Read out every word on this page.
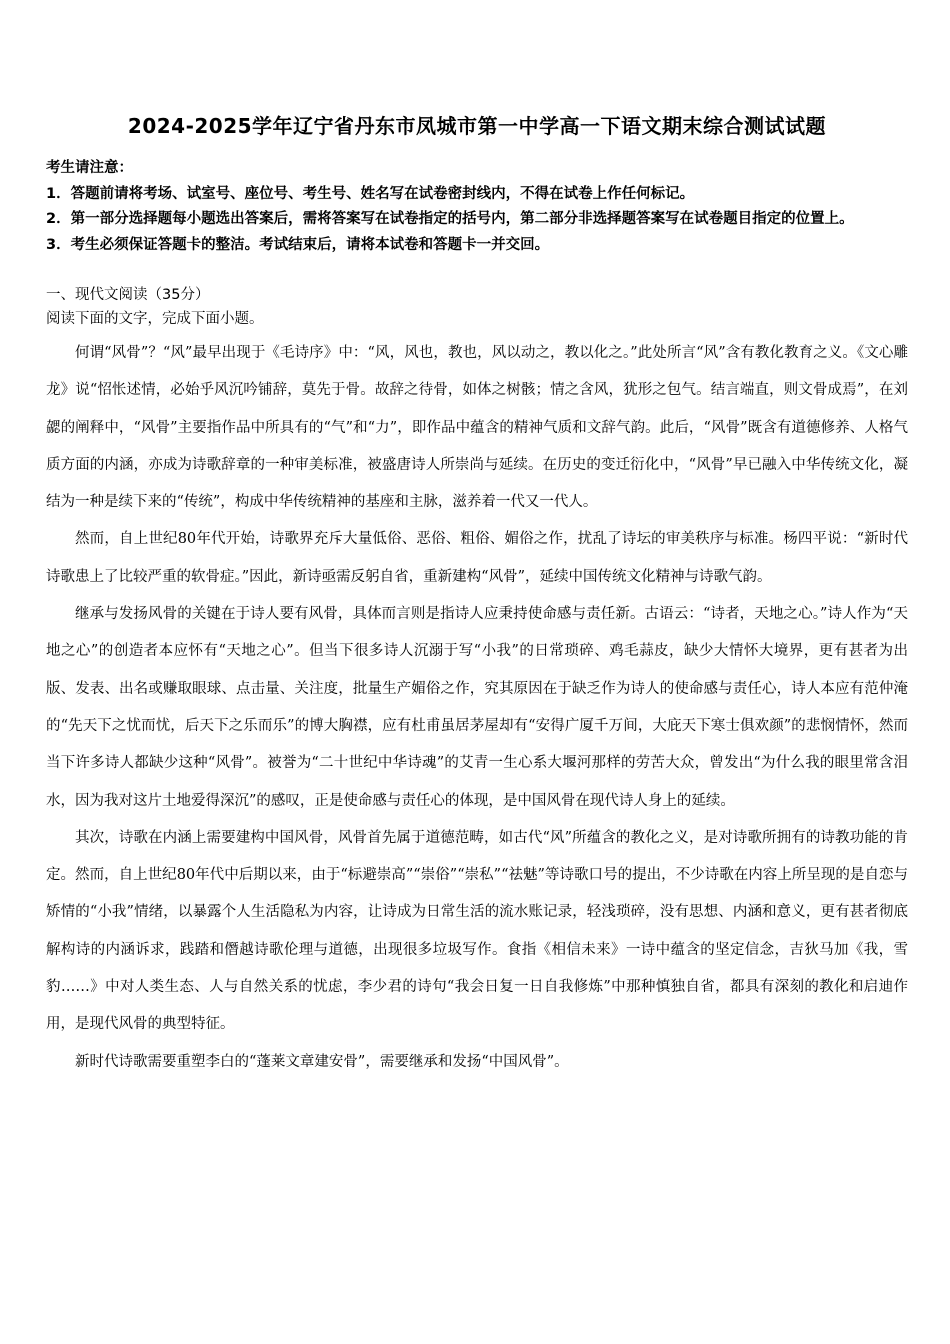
2024-2025学年辽宁省丹东市凤城市第一中学高一下语文期末综合测试试题

考生请注意：

1．答题前请将考场、试室号、座位号、考生号、姓名写在试卷密封线内，不得在试卷上作任何标记。

2．第一部分选择题每小题选出答案后，需将答案写在试卷指定的括号内，第二部分非选择题答案写在试卷题目指定的位置上。

3．考生必须保证答题卡的整洁。考试结束后，请将本试卷和答题卡一并交回。

一、现代文阅读（35分）
阅读下面的文字，完成下面小题。

何谓“风骨”？“风”最早出现于《毛诗序》中：“风，风也，教也，风以动之，教以化之。”此处所言“风”含有教化教育之义。《文心雕龙》说“怊怅述情，必始乎风沉吟铺辞，莫先于骨。故辞之待骨，如体之树骸；情之含风，犹形之包气。结言端直，则文骨成焉”，在刘勰的阐释中，“风骨”主要指作品中所具有的“气”和“力”，即作品中蕴含的精神气质和文辞气韵。此后，“风骨”既含有道德修养、人格气质方面的内涵，亦成为诗歌辞章的一种审美标准，被盛唐诗人所崇尚与延续。在历史的变迁衍化中，“风骨”早已融入中华传统文化，凝结为一种是续下来的“传统”，构成中华传统精神的基座和主脉，滋养着一代又一代人。

然而，自上世纪80年代开始，诗歌界充斥大量低俗、恶俗、粗俗、媚俗之作，扰乱了诗坛的审美秩序与标准。杨四平说：“新时代诗歌患上了比较严重的软骨症。”因此，新诗亟需反躬自省，重新建构“风骨”，延续中国传统文化精神与诗歌气韵。

继承与发扬风骨的关键在于诗人要有风骨，具体而言则是指诗人应秉持使命感与责任新。古语云：“诗者，天地之心。”诗人作为“天地之心”的创造者本应怀有“天地之心”。但当下很多诗人沉溺于写“小我”的日常琐碎、鸡毛蒜皮，缺少大情怀大境界，更有甚者为出版、发表、出名或赚取眼球、点击量、关注度，批量生产媚俗之作，究其原因在于缺乏作为诗人的使命感与责任心，诗人本应有范仲淹的“先天下之忧而忧，后天下之乐而乐”的博大胸襟，应有杜甫虽居茅屋却有“安得广厦千万间，大庇天下寒士俱欢颜”的悲悯情怀，然而当下许多诗人都缺少这种“风骨”。被誉为“二十世纪中华诗魂”的艾青一生心系大堰河那样的劳苦大众，曾发出“为什么我的眼里常含泪水，因为我对这片土地爱得深沉”的感叹，正是使命感与责任心的体现，是中国风骨在现代诗人身上的延续。

其次，诗歌在内涵上需要建构中国风骨，风骨首先属于道德范畴，如古代“风”所蕴含的教化之义，是对诗歌所拥有的诗教功能的肯定。然而，自上世纪80年代中后期以来，由于“标避崇高”“崇俗”“崇私”“祛魅”等诗歌口号的提出，不少诗歌在内容上所呈现的是自恋与矫情的“小我”情绪，以暴露个人生活隐私为内容，让诗成为日常生活的流水账记录，轻浅琐碎，没有思想、内涵和意义，更有甚者彻底解构诗的内涵诉求，践踏和僭越诗歌伦理与道德，出现很多垃圾写作。食指《相信未来》一诗中蕴含的坚定信念，吉狄马加《我，雪豹……》中对人类生态、人与自然关系的忧虑，李少君的诗句“我会日复一日自我修炼”中那种慎独自省，都具有深刻的教化和启迪作用，是现代风骨的典型特征。

新时代诗歌需要重塑李白的“蓬莱文章建安骨”，需要继承和发扬“中国风骨”。
